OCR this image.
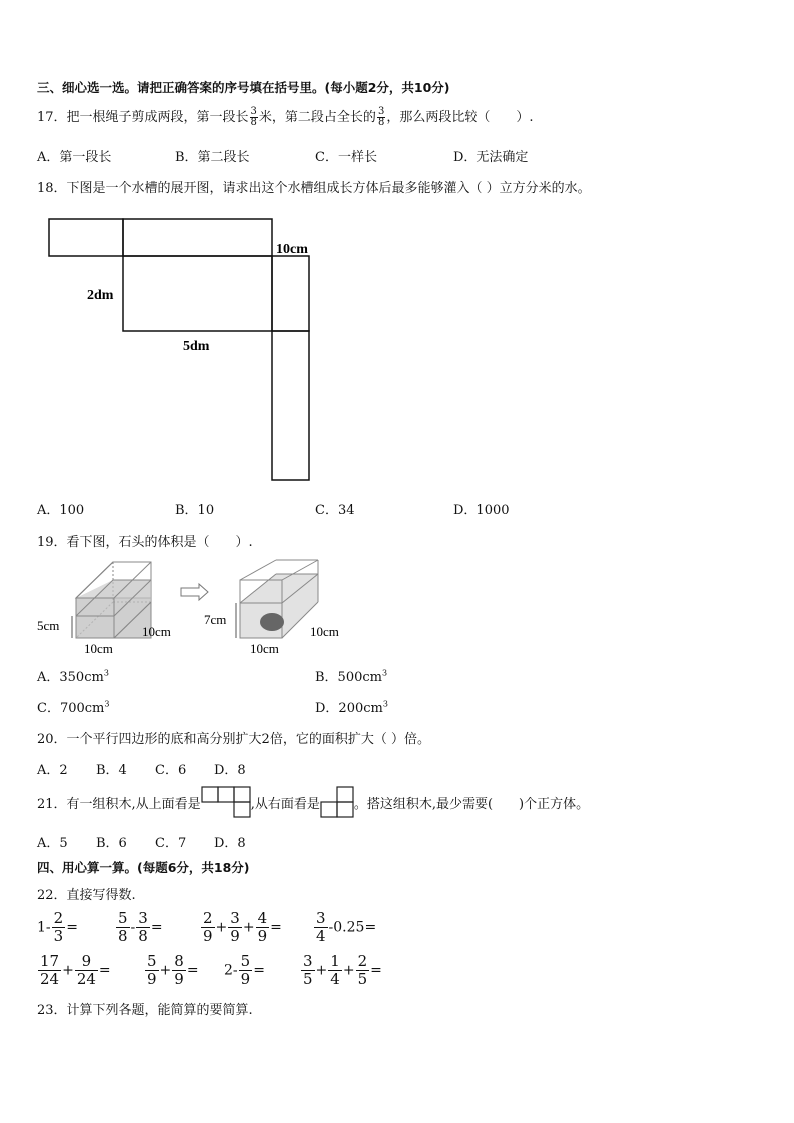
三、细心选一选。请把正确答案的序号填在括号里。(每小题2分，共10分)
17．把一根绳子剪成两段，第一段长 $\frac{3}{8}$ 米，第二段占全长的 $\frac{3}{8}$ ，那么两段比较（　　）.
A．第一段长	B．第二段长	C．一样长	D．无法确定
18．下图是一个水槽的展开图，请求出这个水槽组成长方体后最多能够灌入（ ）立方分米的水。
10cm
2dm
5dm
A．100	B．10	C．34	D．1000
19．看下图，石头的体积是（　　）.
5cm	10cm
10cm
7cm
10cm
10cm
A．$350cm^3$	B．$500cm^3$
C．$700cm^3$	D．$200cm^3$
20．一个平行四边形的底和高分别扩大2倍，它的面积扩大（ ）倍。
A．2 B．4 C．6 D．8
21．有一组积木,从上面看是	,从右面看是	。搭这组积木,最少需要(　　)个正方体。
A．5 B．6 C．7 D．8
四、用心算一算。(每题6分，共18分)
22．直接写得数.
$1- \frac{2}{3}$ =	$\frac{5}{8} - \frac{3}{8}$ =	$\frac{2}{9} + \frac{3}{9} + \frac{4}{9} = \frac{3}{4} -0.25=$
$\frac{17}{24} + \frac{9}{24} = \frac{5}{9} + \frac{8}{9} = 2- \frac{5}{9} = \frac{3}{5} + \frac{1}{4} + \frac{2}{5}$ =
23．计算下列各题，能简算的要简算.
